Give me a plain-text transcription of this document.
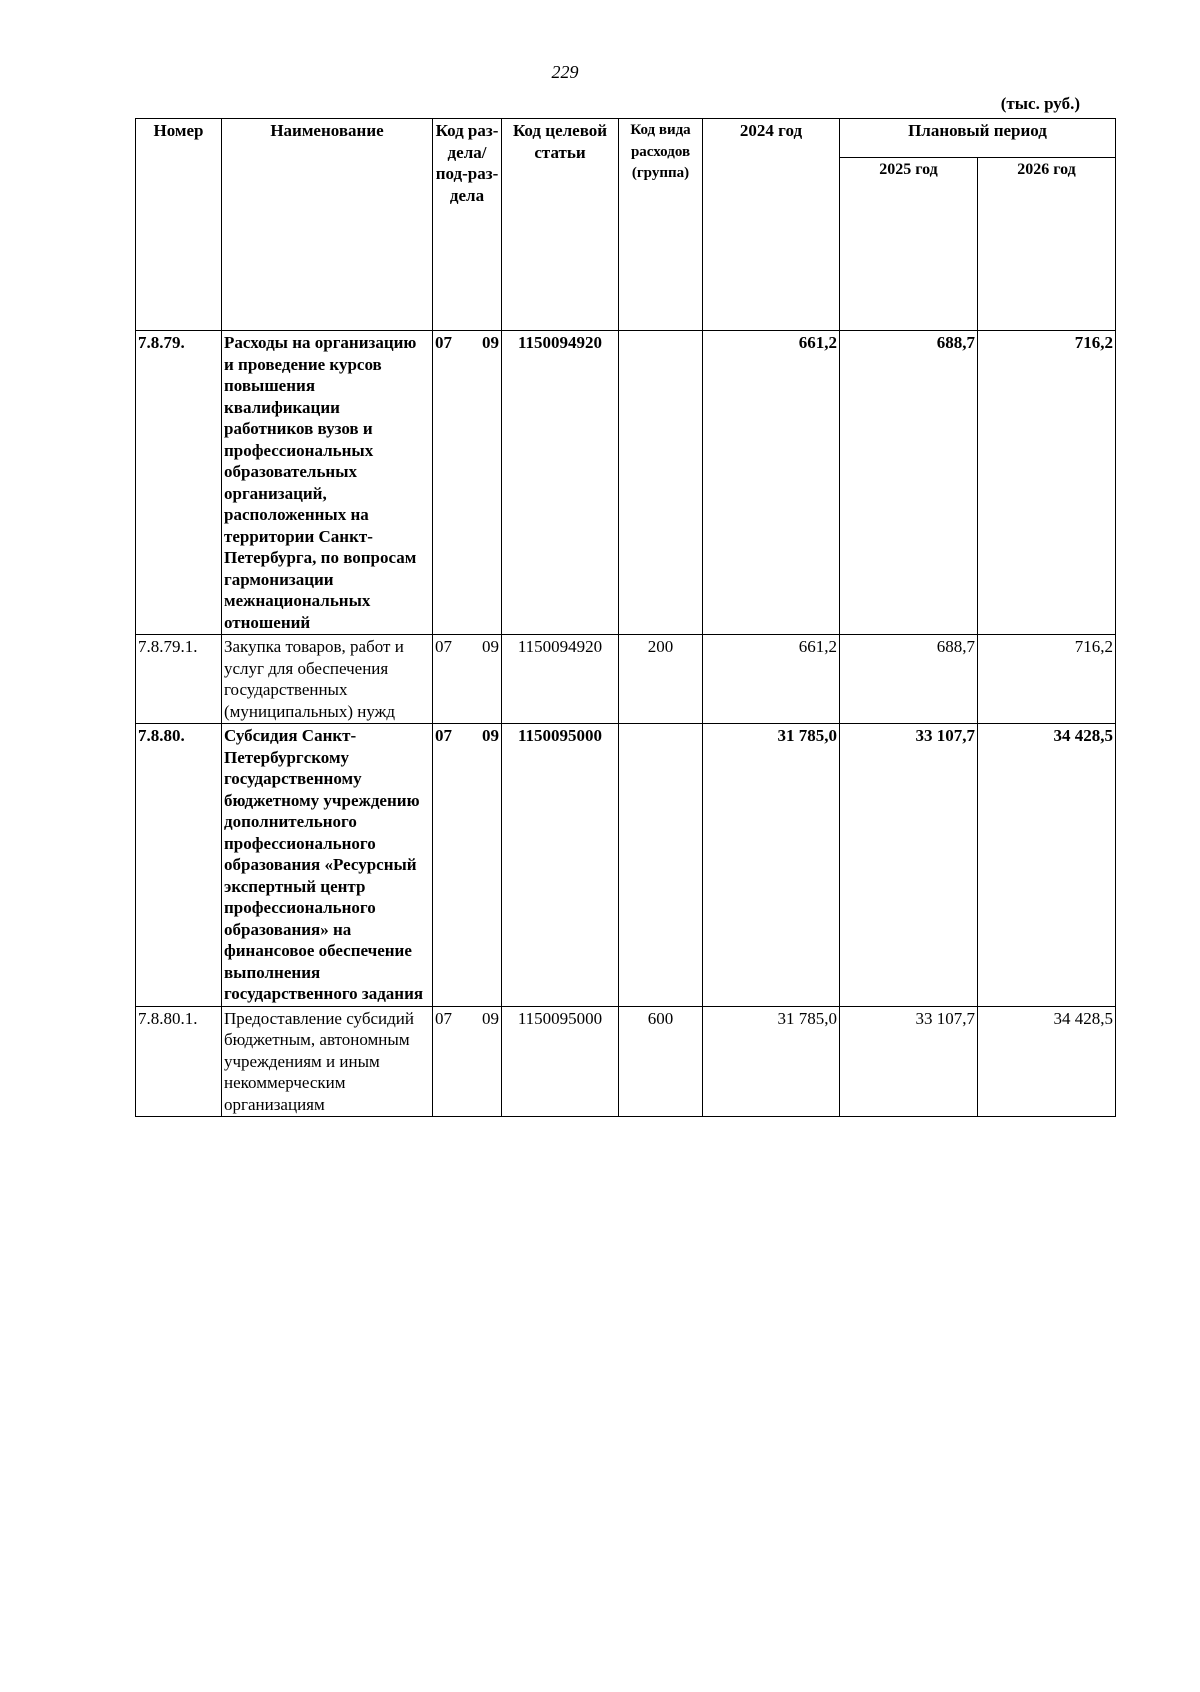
229
(тыс. руб.)
Номер	Наименование	Код раз-дела/ под-раз-дела	Код целевой статьи	Код вида расходов (группа)	2024 год	Плановый период	
						2025 год	2026 год
7.8.79.	Расходы на организацию и проведение курсов повышения квалификации работников вузов и профессиональных образовательных организаций, расположенных на территории Санкт-Петербурга, по вопросам гармонизации межнациональных отношений	07 09	1150094920		661,2	688,7	716,2
7.8.79.1.	Закупка товаров, работ и услуг для обеспечения государственных (муниципальных) нужд	07 09	1150094920	200	661,2	688,7	716,2
7.8.80.	Субсидия Санкт-Петербургскому государственному бюджетному учреждению дополнительного профессионального образования «Ресурсный экспертный центр профессионального образования» на финансовое обеспечение выполнения государственного задания	07 09	1150095000		31 785,0	33 107,7	34 428,5
7.8.80.1.	Предоставление субсидий бюджетным, автономным учреждениям и иным некоммерческим организациям	07 09	1150095000	600	31 785,0	33 107,7	34 428,5
